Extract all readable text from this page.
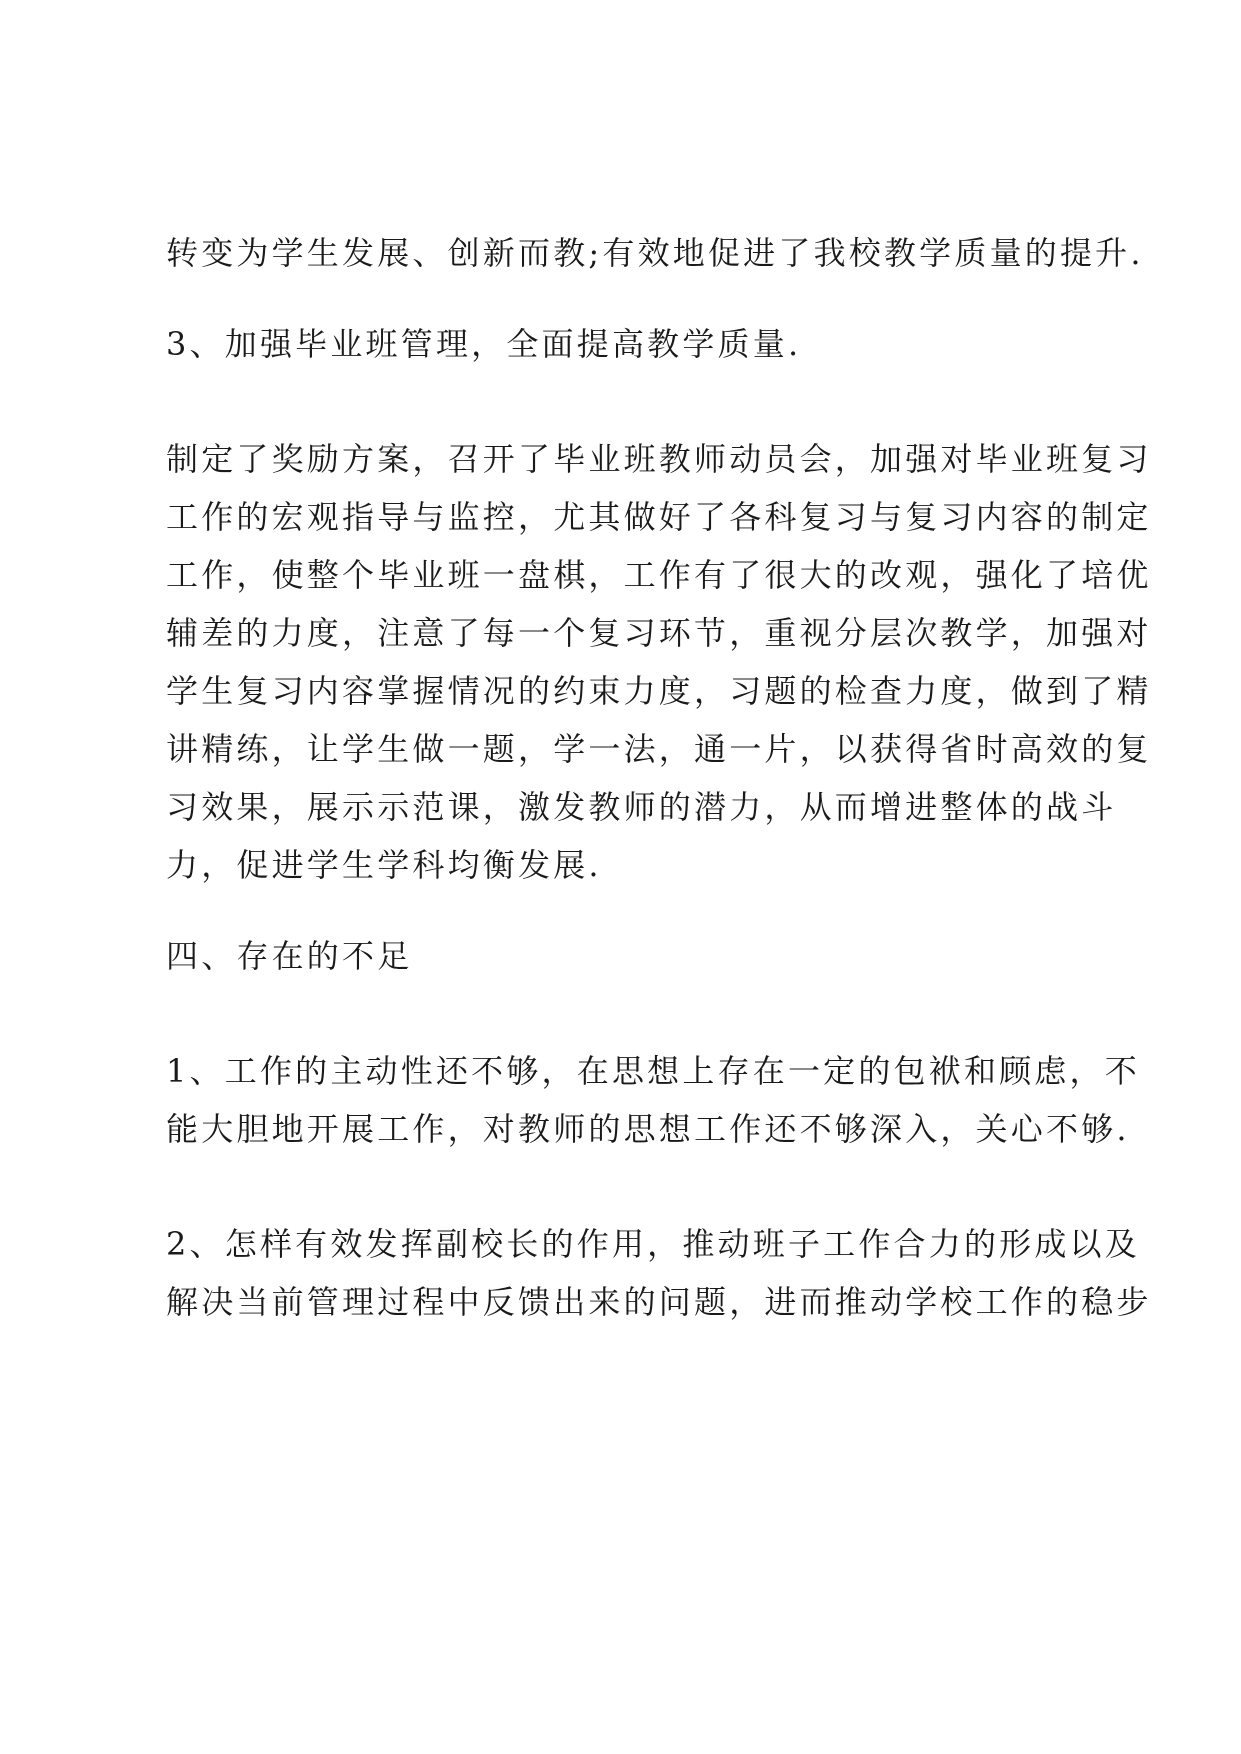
转变为学生发展、创新而教;有效地促进了我校教学质量的提升.
3、加强毕业班管理，全面提高教学质量.
制定了奖励方案，召开了毕业班教师动员会，加强对毕业班复习
工作的宏观指导与监控，尤其做好了各科复习与复习内容的制定
工作，使整个毕业班一盘棋，工作有了很大的改观，强化了培优
辅差的力度，注意了每一个复习环节，重视分层次教学，加强对
学生复习内容掌握情况的约束力度，习题的检查力度，做到了精
讲精练，让学生做一题，学一法，通一片，以获得省时高效的复
习效果，展示示范课，激发教师的潜力，从而增进整体的战斗
力，促进学生学科均衡发展.
四、存在的不足
1、工作的主动性还不够，在思想上存在一定的包袱和顾虑，不
能大胆地开展工作，对教师的思想工作还不够深入，关心不够.
2、怎样有效发挥副校长的作用，推动班子工作合力的形成以及
解决当前管理过程中反馈出来的问题，进而推动学校工作的稳步
